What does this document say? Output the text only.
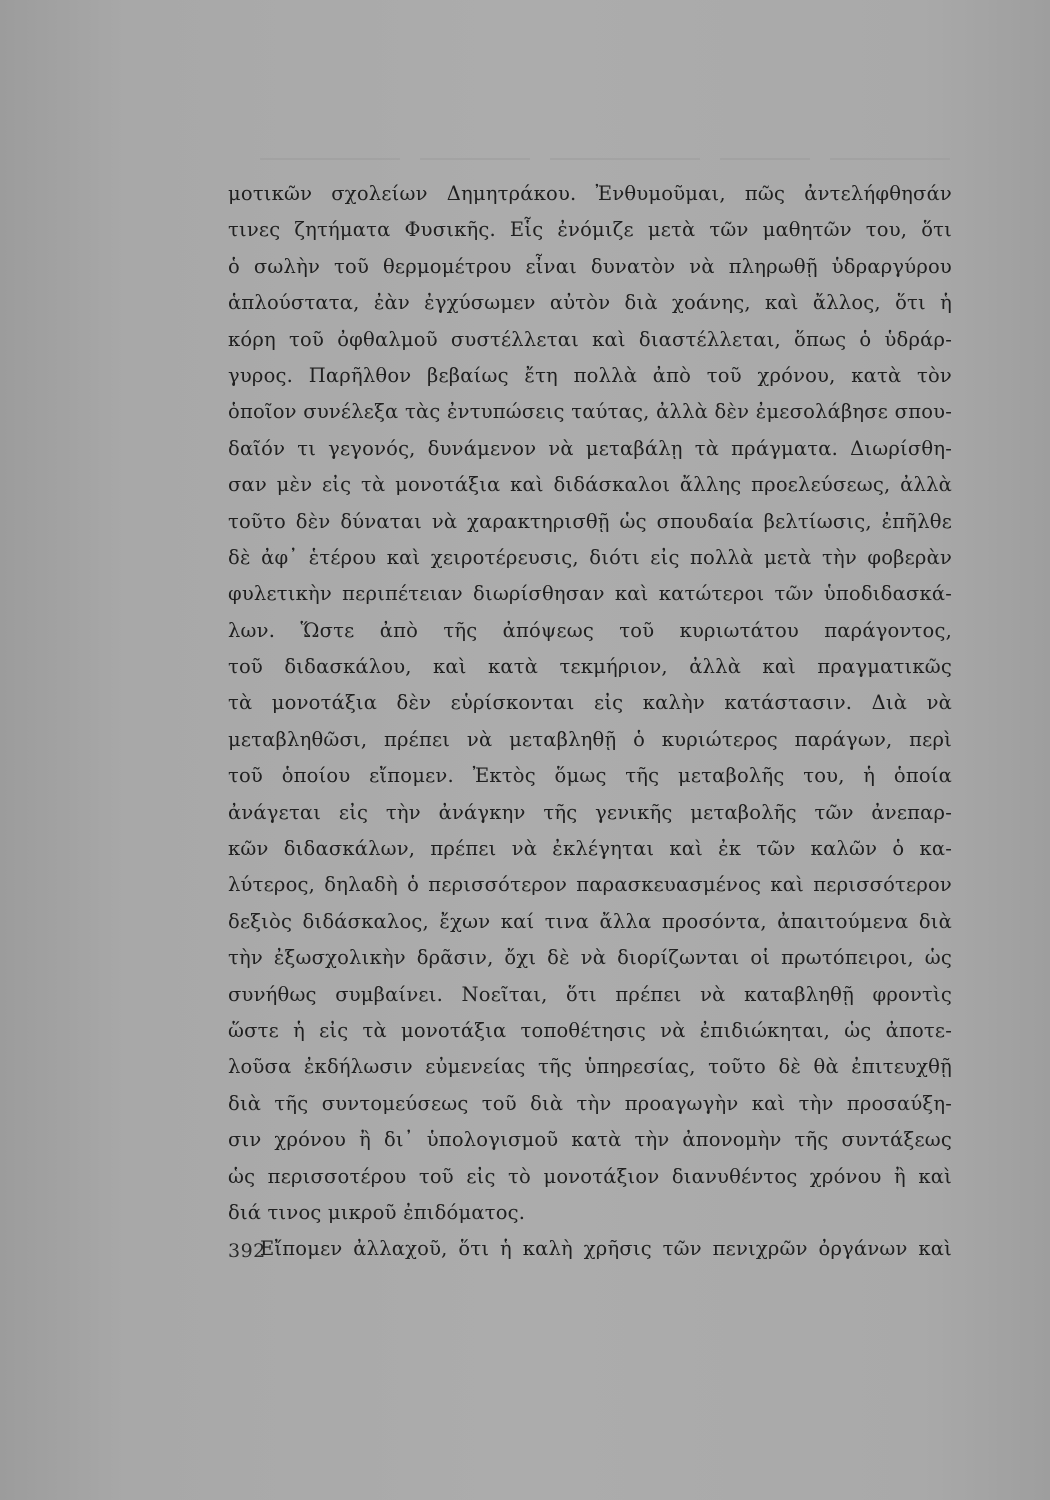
μοτικῶν σχολείων Δημητράκου. Ἐνθυμοῦμαι, πῶς ἀντελήφθησάν
τινες ζητήματα Φυσικῆς. Εἷς ἐνόμιζε μετὰ τῶν μαθητῶν του, ὅτι
ὁ σωλὴν τοῦ θερμομέτρου εἶναι δυνατὸν νὰ πληρωθῇ ὑδραργύρου
ἁπλούστατα, ἐὰν ἐγχύσωμεν αὐτὸν διὰ χοάνης, καὶ ἄλλος, ὅτι ἡ
κόρη τοῦ ὀφθαλμοῦ συστέλλεται καὶ διαστέλλεται, ὅπως ὁ ὑδράρ-
γυρος. Παρῆλθον βεβαίως ἔτη πολλὰ ἀπὸ τοῦ χρόνου, κατὰ τὸν
ὁποῖον συνέλεξα τὰς ἐντυπώσεις ταύτας, ἀλλὰ δὲν ἐμεσολάβησε σπου-
δαῖόν τι γεγονός, δυνάμενον νὰ μεταβάλῃ τὰ πράγματα. Διωρίσθη-
σαν μὲν εἰς τὰ μονοτάξια καὶ διδάσκαλοι ἄλλης προελεύσεως, ἀλλὰ
τοῦτο δὲν δύναται νὰ χαρακτηρισθῇ ὡς σπουδαία βελτίωσις, ἐπῆλθε
δὲ ἀφ᾽ ἑτέρου καὶ χειροτέρευσις, διότι εἰς πολλὰ μετὰ τὴν φοβερὰν
φυλετικὴν περιπέτειαν διωρίσθησαν καὶ κατώτεροι τῶν ὑποδιδασκά-
λων. Ὥστε ἀπὸ τῆς ἀπόψεως τοῦ κυριωτάτου παράγοντος,
τοῦ διδασκάλου, καὶ κατὰ τεκμήριον, ἀλλὰ καὶ πραγματικῶς
τὰ μονοτάξια δὲν εὑρίσκονται εἰς καλὴν κατάστασιν. Διὰ νὰ
μεταβληθῶσι, πρέπει νὰ μεταβληθῇ ὁ κυριώτερος παράγων, περὶ
τοῦ ὁποίου εἴπομεν. Ἐκτὸς ὅμως τῆς μεταβολῆς του, ἡ ὁποία
ἀνάγεται εἰς τὴν ἀνάγκην τῆς γενικῆς μεταβολῆς τῶν ἀνεπαρ-
κῶν διδασκάλων, πρέπει νὰ ἐκλέγηται καὶ ἐκ τῶν καλῶν ὁ κα-
λύτερος, δηλαδὴ ὁ περισσότερον παρασκευασμένος καὶ περισσότερον
δεξιὸς διδάσκαλος, ἔχων καί τινα ἄλλα προσόντα, ἀπαιτούμενα διὰ
τὴν ἐξωσχολικὴν δρᾶσιν, ὄχι δὲ νὰ διορίζωνται οἱ πρωτόπειροι, ὡς
συνήθως συμβαίνει. Νοεῖται, ὅτι πρέπει νὰ καταβληθῇ φροντὶς
ὥστε ἡ εἰς τὰ μονοτάξια τοποθέτησις νὰ ἐπιδιώκηται, ὡς ἀποτε-
λοῦσα ἐκδήλωσιν εὐμενείας τῆς ὑπηρεσίας, τοῦτο δὲ θὰ ἐπιτευχθῇ
διὰ τῆς συντομεύσεως τοῦ διὰ τὴν προαγωγὴν καὶ τὴν προσαύξη-
σιν χρόνου ἢ δι᾽ ὑπολογισμοῦ κατὰ τὴν ἀπονομὴν τῆς συντάξεως
ὡς περισσοτέρου τοῦ εἰς τὸ μονοτάξιον διανυθέντος χρόνου ἢ καὶ
διά τινος μικροῦ ἐπιδόματος.
Εἴπομεν ἀλλαχοῦ, ὅτι ἡ καλὴ χρῆσις τῶν πενιχρῶν ὀργάνων καὶ
392
